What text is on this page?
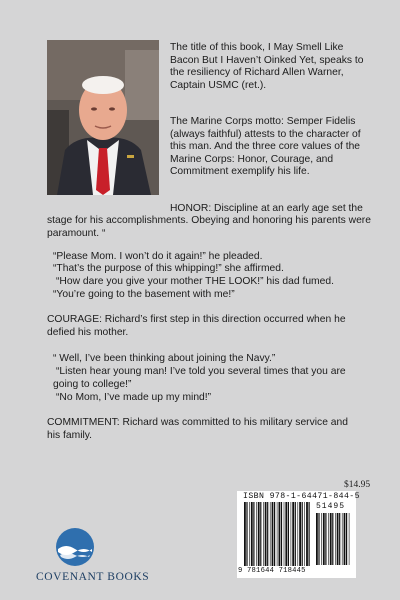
The title of this book, I May Smell Like Bacon But I Haven’t Oinked Yet, speaks to the resiliency of Richard Allen Warner, Captain USMC (ret.).

The Marine Corps motto: Semper Fidelis (always faithful) attests to the character of this man. And the three core values of the Marine Corps: Honor, Courage, and Commitment exemplify his life.

HONOR: Discipline at an early age set the

stage for his accomplishments. Obeying and honoring his parents were paramount. “

“Please Mom. I won’t do it again!” he pleaded.
“That’s the purpose of this whipping!” she affirmed.
“How dare you give your mother THE LOOK!” his dad fumed.
“You’re going to the basement with me!”
COURAGE: Richard’s first step in this direction occurred when he
defied his mother.
“ Well, I’ve been thinking about joining the Navy.”
“Listen hear young man! I’ve told you several times that you are
going to college!”
“No Mom, I’ve made up my mind!”
COMMITMENT: Richard was committed to his military service and
his family.
$14.95
ISBN 978-1-64471-844-5
51495
9 781644 718445
COVENANT BOOKS
